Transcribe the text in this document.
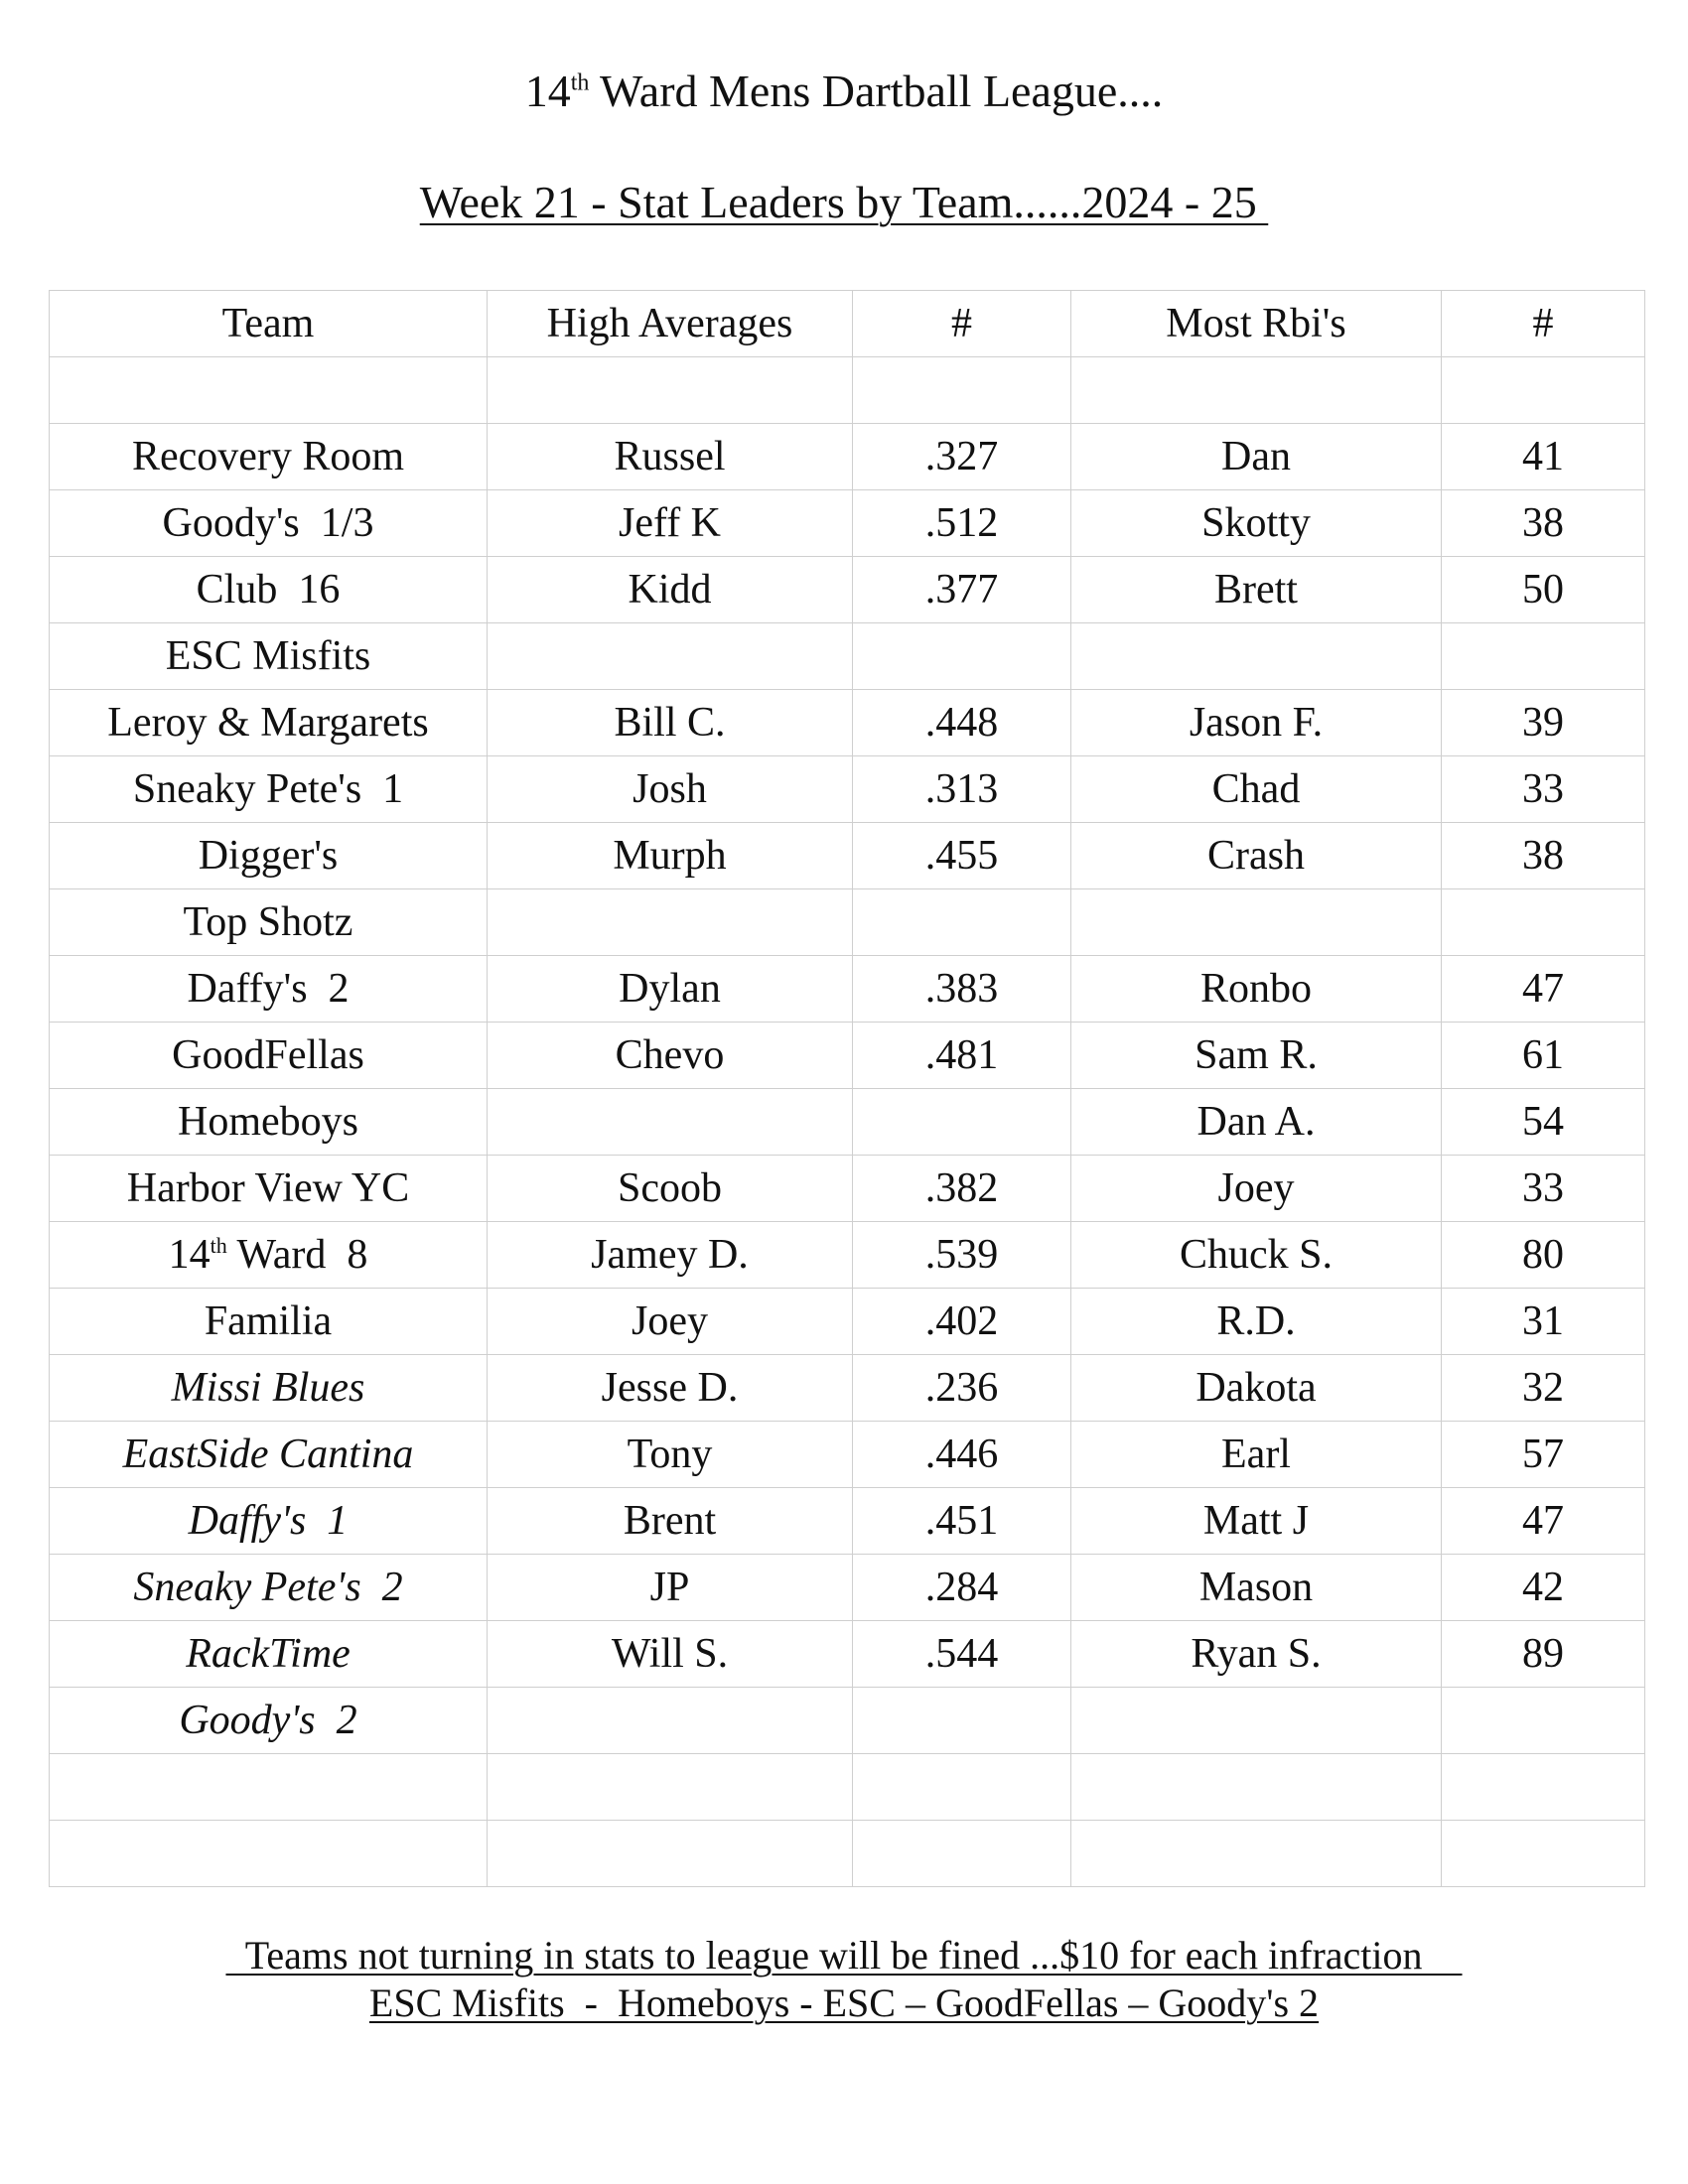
14th Ward Mens Dartball League....
Week 21 - Stat Leaders by Team......2024 - 25
Team	High Averages	#	Most Rbi's	#

Recovery Room	Russel	.327	Dan	41
Goody's  1/3	Jeff K	.512	Skotty	38
Club  16	Kidd	.377	Brett	50
ESC Misfits				
Leroy & Margarets	Bill C.	.448	Jason F.	39
Sneaky Pete's  1	Josh	.313	Chad	33
Digger's	Murph	.455	Crash	38
Top Shotz				
Daffy's  2	Dylan	.383	Ronbo	47
GoodFellas	Chevo	.481	Sam R.	61
Homeboys			Dan A.	54
Harbor View YC	Scoob	.382	Joey	33
14th Ward  8	Jamey D.	.539	Chuck S.	80
Familia	Joey	.402	R.D.	31
Missi Blues	Jesse D.	.236	Dakota	32
EastSide Cantina	Tony	.446	Earl	57
Daffy's  1	Brent	.451	Matt J	47
Sneaky Pete's  2	JP	.284	Mason	42
RackTime	Will S.	.544	Ryan S.	89
Goody's  2				

Teams not turning in stats to league will be fined ...$10 for each infraction
ESC Misfits  -  Homeboys - ESC – GoodFellas – Goody's 2
